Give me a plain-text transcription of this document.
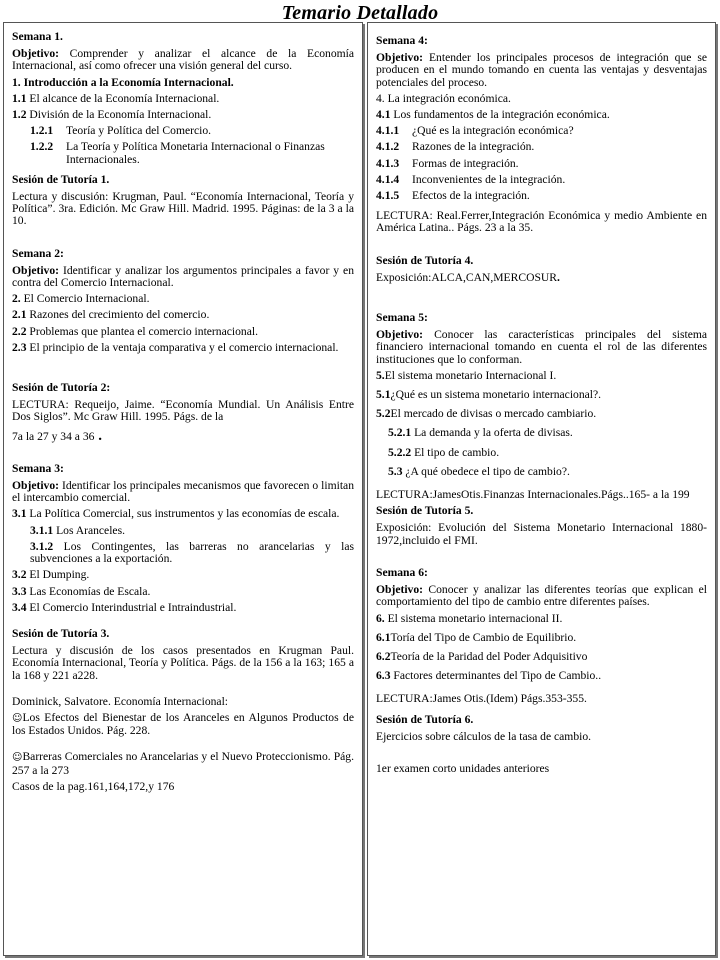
Temario Detallado
Semana 1.
Objetivo: Comprender y analizar el alcance de la Economía Internacional, así como ofrecer una visión general del curso.
1. Introducción a la Economía Internacional.
1.1 El alcance de la Economía Internacional.
1.2 División de la Economía Internacional.
1.2.1	Teoría y Política del Comercio.
1.2.2	La Teoría y Política Monetaria Internacional o Finanzas Internacionales.
Sesión de Tutoría 1.
Lectura y discusión: Krugman, Paul. “Economía Internacional, Teoría y Política”. 3ra. Edición. Mc Graw Hill. Madrid. 1995. Páginas: de la 3 a la 10.
Semana 2:
Objetivo: Identificar y analizar los argumentos principales a favor y en contra del Comercio Internacional.
2. El Comercio Internacional.
2.1 Razones del crecimiento del comercio.
2.2 Problemas que plantea el comercio internacional.
2.3 El principio de la ventaja comparativa y el comercio internacional.
Sesión de Tutoría 2:
LECTURA: Requeijo, Jaime. “Economía Mundial. Un Análisis Entre Dos Siglos”. Mc Graw Hill. 1995. Págs. de la
7a la 27 y 34 a 36 .
Semana 3:
Objetivo: Identificar los principales mecanismos que favorecen o limitan el intercambio comercial.
3.1 La Política Comercial, sus instrumentos y las economías de escala.
3.1.1 Los Aranceles.
3.1.2 Los Contingentes, las barreras no arancelarias y las subvenciones a la exportación.
3.2 El Dumping.
3.3 Las Economías de Escala.
3.4 El Comercio Interindustrial e Intraindustrial.
Sesión de Tutoría 3.
Lectura y discusión de los casos presentados en Krugman Paul. Economía Internacional, Teoría y Política. Págs. de la 156 a la 163; 165 a la 168 y 221 a228.
Dominick, Salvatore. Economía Internacional:
☺Los Efectos del Bienestar de los Aranceles en Algunos Productos de los Estados Unidos. Pág. 228.
☺Barreras Comerciales no Arancelarias y el Nuevo Proteccionismo. Pág. 257 a la 273
Casos de la pag.161,164,172,y 176
Semana 4:
Objetivo: Entender los principales procesos de integración que se producen en el mundo tomando en cuenta las ventajas y desventajas potenciales del proceso.
4. La integración económica.
4.1 Los fundamentos de la integración económica.
4.1.1	¿Qué es la integración económica?
4.1.2	Razones de la integración.
4.1.3	Formas de integración.
4.1.4	Inconvenientes de la integración.
4.1.5	Efectos de la integración.
LECTURA: Real.Ferrer,Integración Económica y medio Ambiente en América Latina.. Págs. 23 a la 35.
Sesión de Tutoría 4.
Exposición:ALCA,CAN,MERCOSUR.
Semana 5:
Objetivo: Conocer las características principales del sistema financiero internacional tomando en cuenta el rol de las diferentes instituciones que lo conforman.
5.El sistema monetario Internacional I.
5.1¿Qué es un sistema monetario internacional?.
5.2El mercado de divisas o mercado cambiario.
5.2.1 La demanda y la oferta de divisas.
5.2.2 El tipo de cambio.
5.3 ¿A qué obedece el tipo de cambio?.
LECTURA:JamesOtis.Finanzas Internacionales.Págs..165- a la 199
Sesión de Tutoría 5.
Exposición: Evolución del Sistema Monetario Internacional 1880-1972,incluido el FMI.
Semana 6:
Objetivo: Conocer y analizar las diferentes teorías que explican el comportamiento del tipo de cambio entre diferentes países.
6. El sistema monetario internacional II.
6.1Toría del Tipo de Cambio de Equilibrio.
6.2Teoría de la Paridad del Poder Adquisitivo
6.3 Factores determinantes del Tipo de Cambio..
LECTURA:James Otis.(Idem) Págs.353-355.
Sesión de Tutoría 6.
Ejercicios sobre cálculos de la tasa de cambio.
1er examen corto unidades anteriores
